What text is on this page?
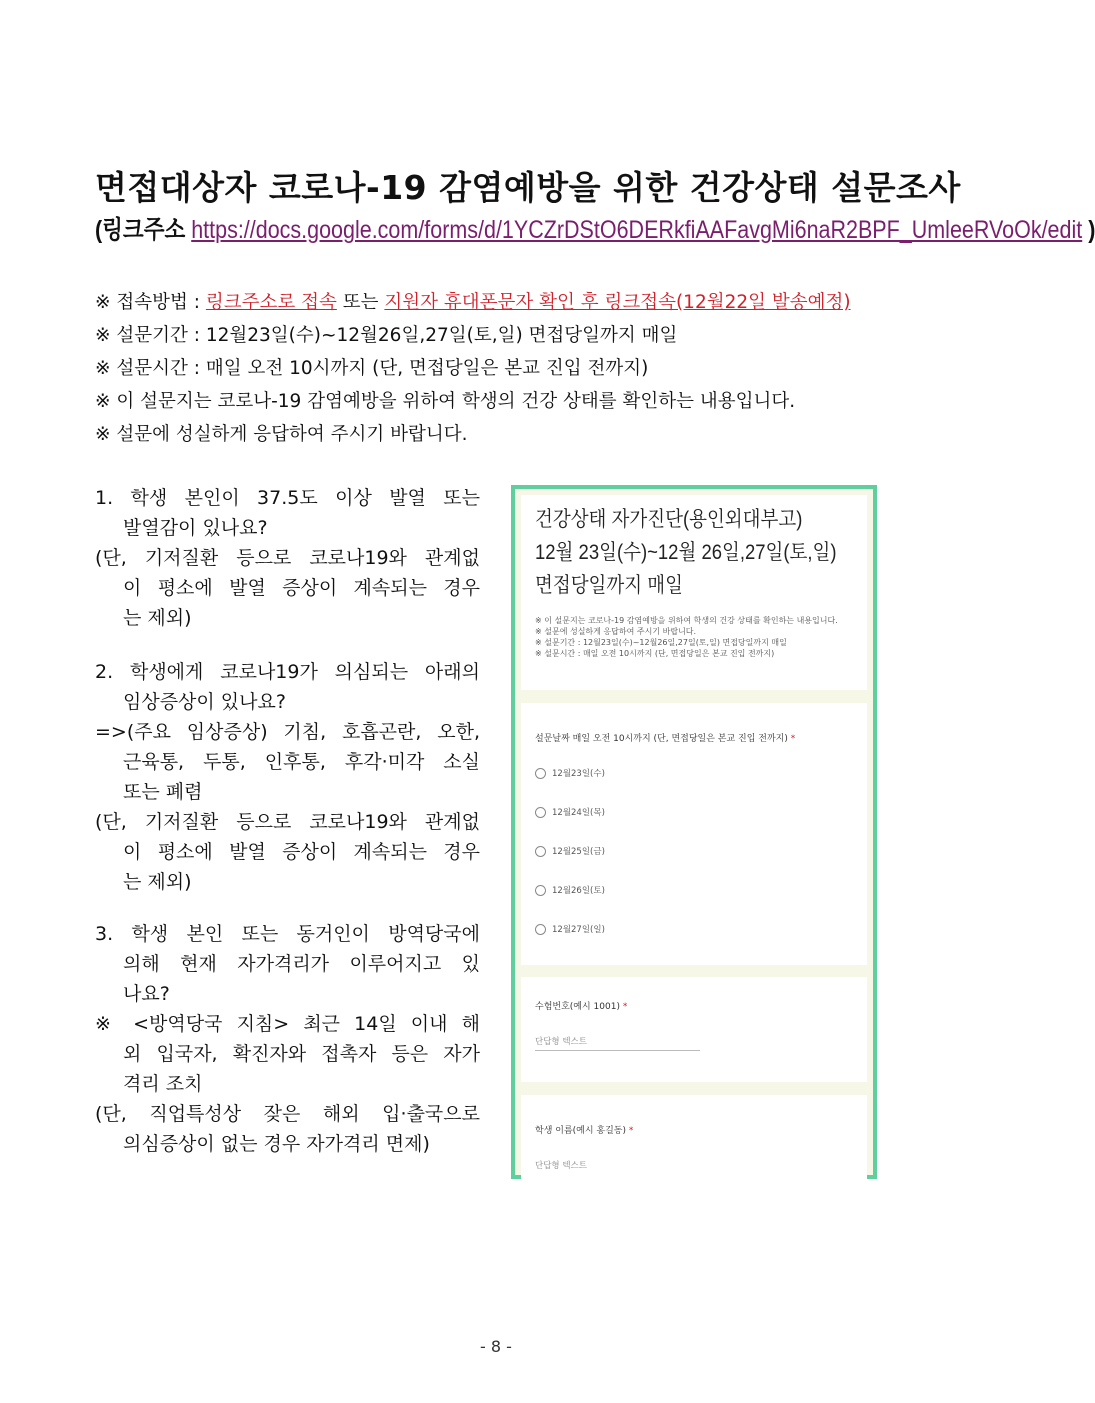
면접대상자 코로나-19 감염예방을 위한 건강상태 설문조사
(링크주소 https://docs.google.com/forms/d/1YCZrDStO6DERkfiAAFavgMi6naR2BPF_UmleeRVoOk/edit )
※ 접속방법 : 링크주소로 접속 또는 지원자 휴대폰문자 확인 후 링크접속(12월22일 발송예정)
※ 설문기간 : 12월23일(수)~12월26일,27일(토,일) 면접당일까지 매일
※ 설문시간 : 매일 오전 10시까지 (단, 면접당일은 본교 진입 전까지)
※ 이 설문지는 코로나-19 감염예방을 위하여 학생의 건강 상태를 확인하는 내용입니다.
※ 설문에 성실하게 응답하여 주시기 바랍니다.
1. 학생 본인이 37.5도 이상 발열 또는
발열감이 있나요?
(단, 기저질환 등으로 코로나19와 관계없
이 평소에 발열 증상이 계속되는 경우
는 제외)
2. 학생에게 코로나19가 의심되는 아래의
임상증상이 있나요?
=>(주요 임상증상) 기침, 호흡곤란, 오한,
근육통, 두통, 인후통, 후각·미각 소실
또는 폐렴
(단, 기저질환 등으로 코로나19와 관계없
이 평소에 발열 증상이 계속되는 경우
는 제외)
3. 학생 본인 또는 동거인이 방역당국에
의해 현재 자가격리가 이루어지고 있
나요?
※ <방역당국 지침> 최근 14일 이내 해
외 입국자, 확진자와 접촉자 등은 자가
격리 조치
(단, 직업특성상 잦은 해외 입·출국으로
의심증상이 없는 경우 자가격리 면제)
건강상태 자가진단(용인외대부고)
12월 23일(수)~12월 26일,27일(토,일)
면접당일까지 매일
※ 이 설문지는 코로나-19 감염예방을 위하여 학생의 건강 상태를 확인하는 내용입니다.
※ 설문에 성실하게 응답하여 주시기 바랍니다.
※ 설문기간 : 12월23일(수)~12월26일,27일(토,일) 면접당일까지 매일
※ 설문시간 : 매일 오전 10시까지 (단, 면접당일은 본교 진입 전까지)
설문날짜 매일 오전 10시까지 (단, 면접당일은 본교 진입 전까지) *
12월23일(수)
12월24일(목)
12월25일(금)
12월26일(토)
12월27일(일)
수험번호(예시 1001) *
단답형 텍스트
학생 이름(예시 홍길동) *
단답형 텍스트
- 8 -
